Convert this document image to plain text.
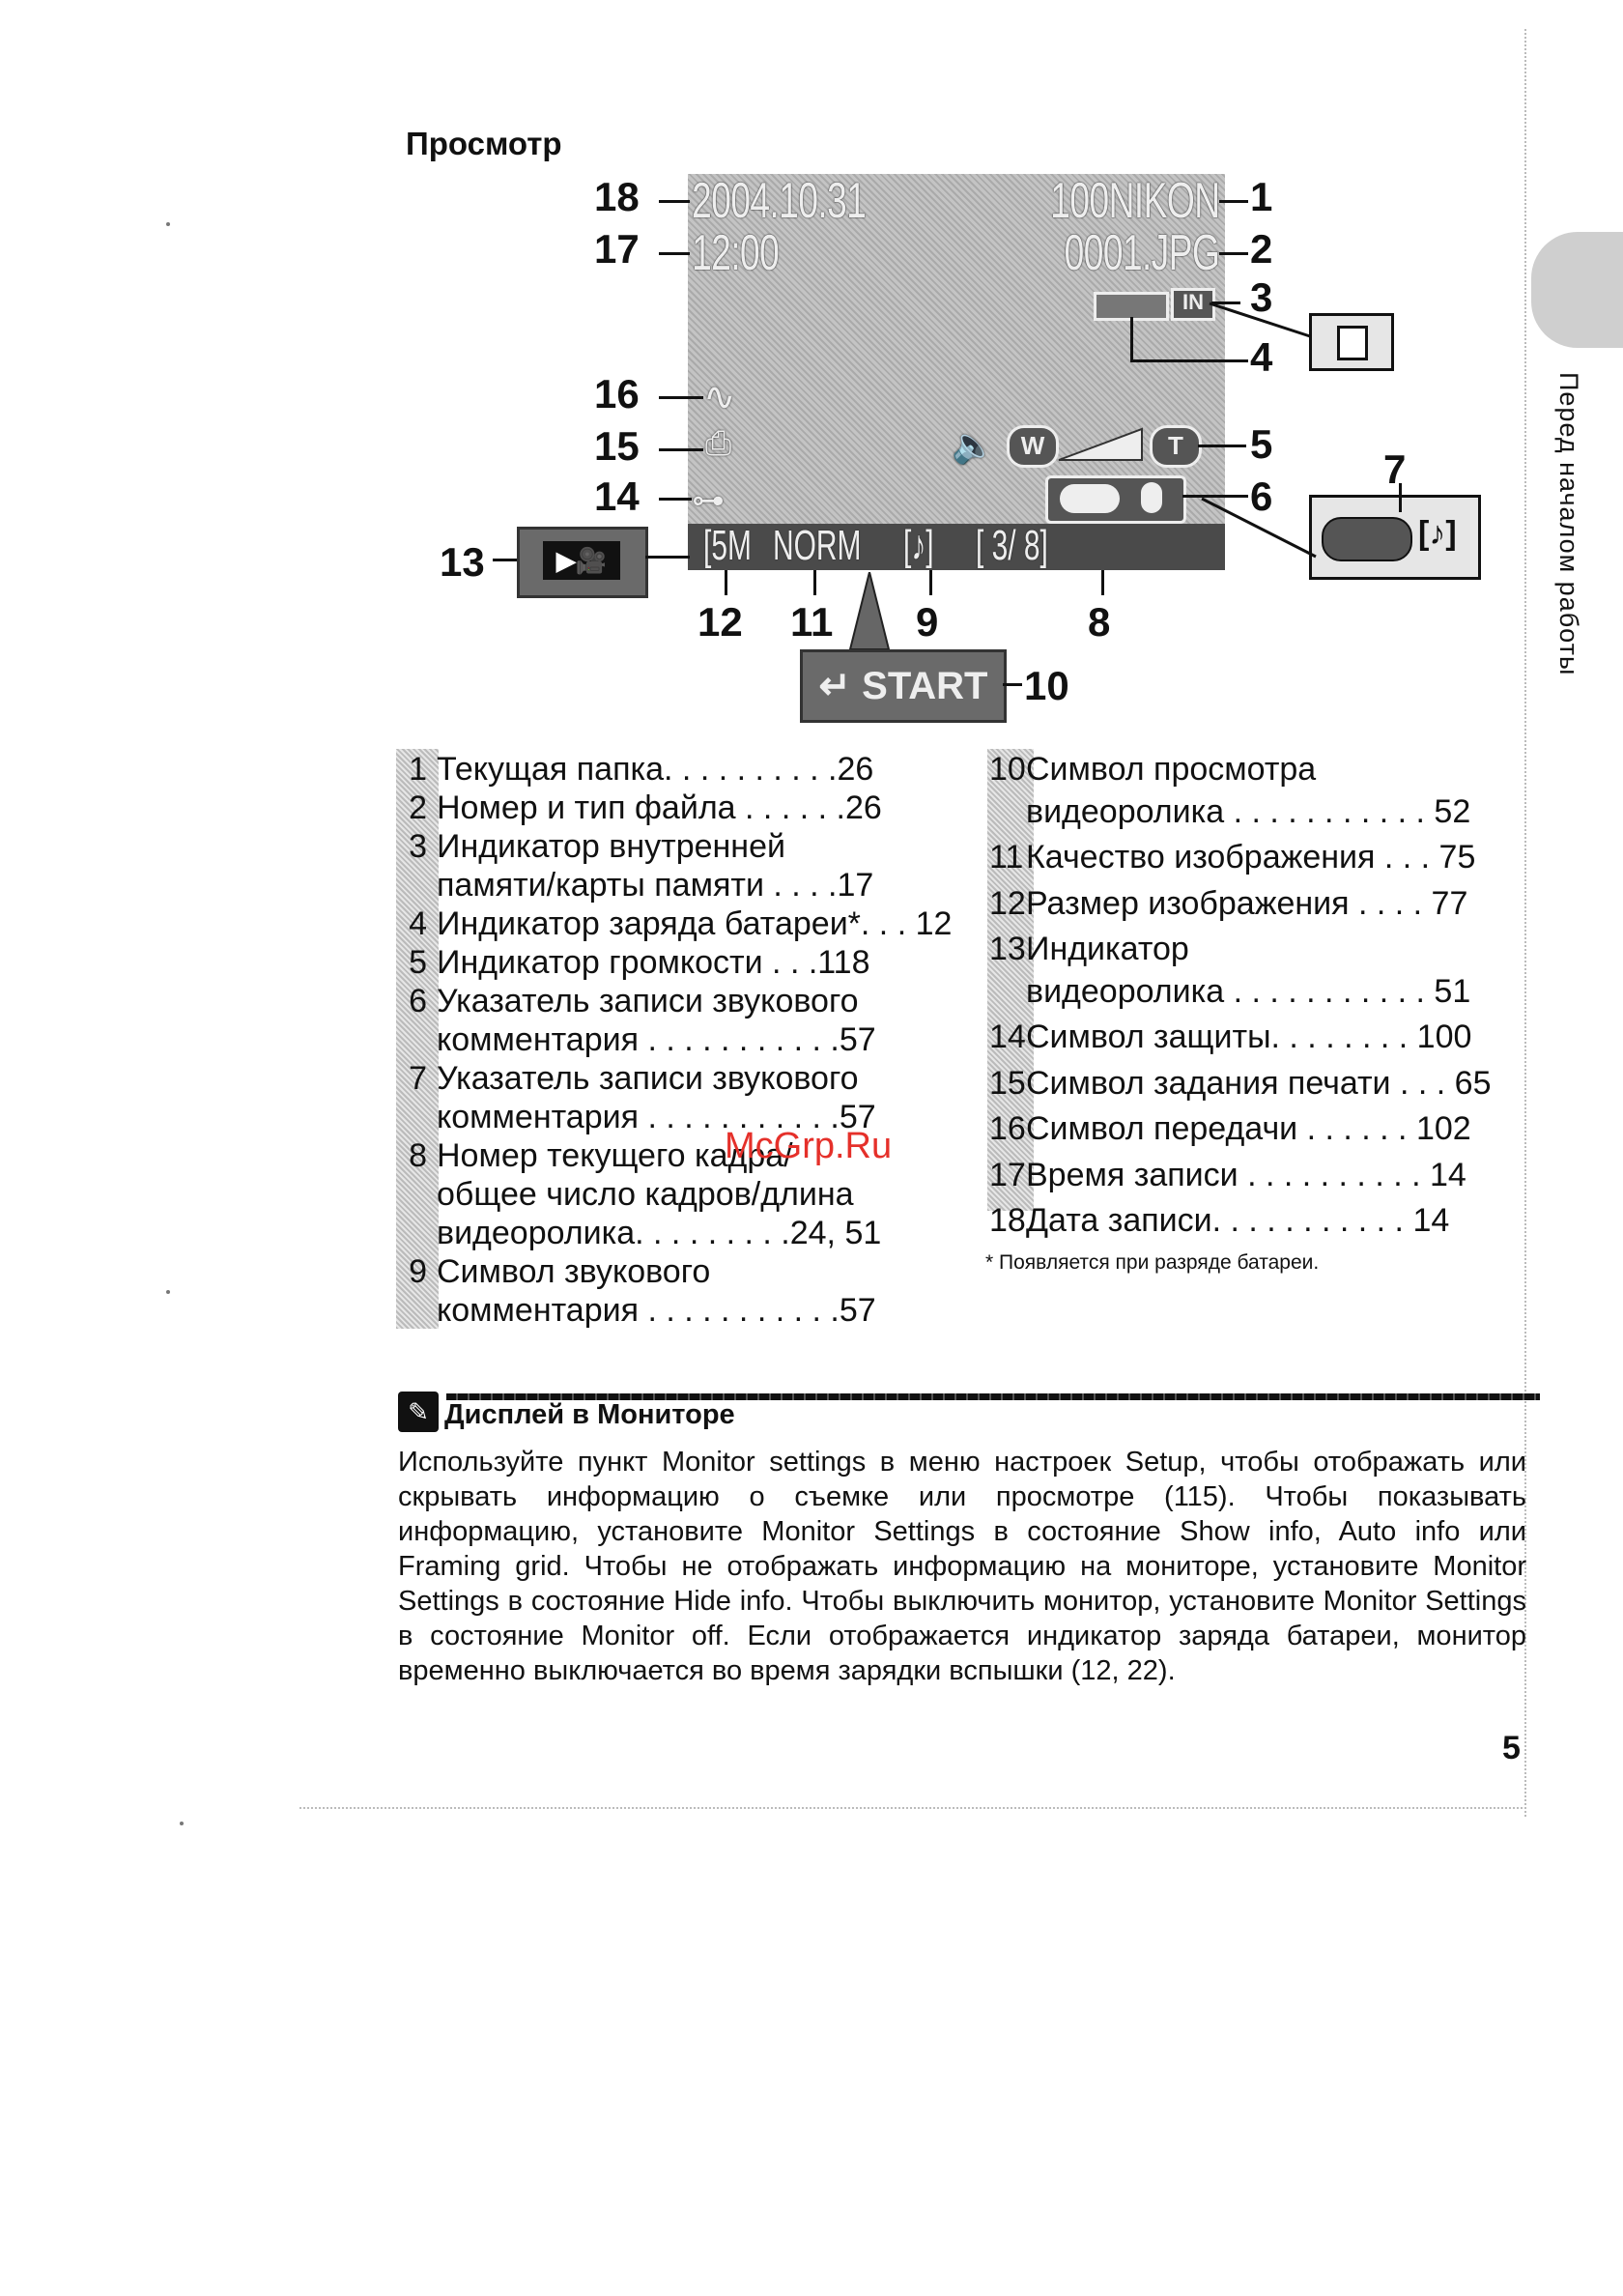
Перед началом работы
Просмотр
2004.10.31
12:00
100NIKON
0001.JPG
IN
∿
⎙
⊶
🔈	W	T
[5M NORM [♪] [ 3/ 8]
▶🎥
↵ START
[♪]
18
17
1
2
3
4
5
6
7
8
9
10
11
12
13
14
15
16
1 Текущая папка. . . . . . . . . .26
2 Номер и тип файла . . . . . .26
3 Индикатор внутренней
памяти/карты памяти . . . .17
4 Индикатор заряда батареи*. . . 12
5 Индикатор громкости . . .118
6 Указатель записи звукового
комментария . . . . . . . . . . .57
7 Указатель записи звукового
комментария . . . . . . . . . . .57
8 Номер текущего кадра/
общее число кадров/длина
видеоролика. . . . . . . . .24, 51
9 Символ звукового
комментария . . . . . . . . . . .57
10Символ просмотра
видеоролика . . . . . . . . . . . 52
11Качество изображения . . . 75
12Размер изображения . . . . 77
13Индикатор
видеоролика . . . . . . . . . . . 51
14Символ защиты. . . . . . . . 100
15Символ задания печати . . . 65
16Символ передачи . . . . . . 102
17Время записи . . . . . . . . . . 14
18Дата записи. . . . . . . . . . . 14
McGrp.Ru
* Появляется при разряде батареи.
✎ Дисплей в Мониторе
Используйте пункт Monitor settings в меню настроек Setup, чтобы отображать или скрывать информацию о съемке или просмотре (115). Чтобы показывать информацию, установите Monitor Settings в состояние Show info, Auto info или Framing grid. Чтобы не отображать информацию на мониторе, установите Monitor Settings в состояние Hide info. Чтобы выключить монитор, установите Monitor Settings в состояние Monitor off. Если отображается индикатор заряда батареи, монитор временно выключается во время зарядки вспышки (12, 22).
5
